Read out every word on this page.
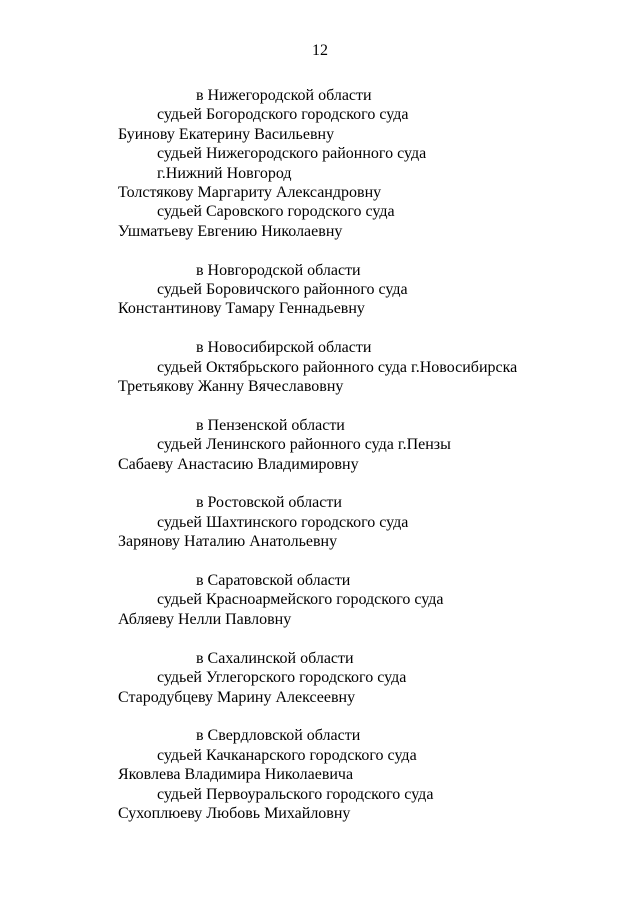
12
в Нижегородской области
судьей Богородского городского суда
Буинову Екатерину Васильевну
судьей Нижегородского районного суда
г.Нижний Новгород
Толстякову Маргариту Александровну
судьей Саровского городского суда
Ушматьеву Евгению Николаевну
в Новгородской области
судьей Боровичского районного суда
Константинову Тамару Геннадьевну
в Новосибирской области
судьей Октябрьского районного суда г.Новосибирска
Третьякову Жанну Вячеславовну
в Пензенской области
судьей Ленинского районного суда г.Пензы
Сабаеву Анастасию Владимировну
в Ростовской области
судьей Шахтинского городского суда
Зарянову Наталию Анатольевну
в Саратовской области
судьей Красноармейского городского суда
Абляеву Нелли Павловну
в Сахалинской области
судьей Углегорского городского суда
Стародубцеву Марину Алексеевну
в Свердловской области
судьей Качканарского городского суда
Яковлева Владимира Николаевича
судьей Первоуральского городского суда
Сухоплюеву Любовь Михайловну
